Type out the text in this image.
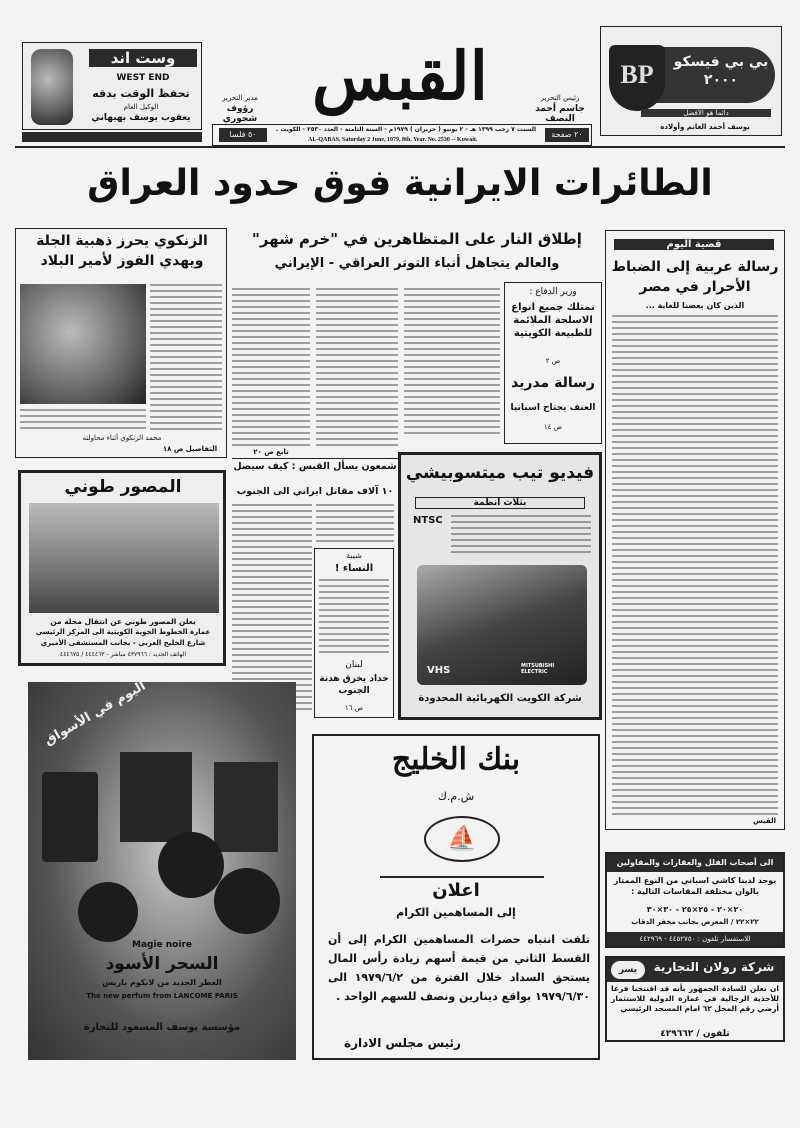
وست اند
WEST END
تحفظ الوقت بدقه
الوكيل العام
يعقوب يوسف بهبهاني
القبس
مدير التحرير
رؤوف شحوري
رئيس التحرير
جاسم أحمد النصف
٥٠ فلسا
السبت ٧ رجب ١٣٩٩ هـ - ٢ يونيو ( حزيران ) ١٩٧٩م - السنة الثامنة - العدد ٢٥٣٠ - الكويت .
AL-QABAS, Saturday 2 June, 1979, 8th. Year. No. 2530 -- Kuwait.
٢٠ صفحة
BP	بي بي فيسكو ٢٠٠٠
دائما هو الأفضل
يوسف أحمد الغانم وأولاده
الطائرات الايرانية فوق حدود العراق
الزنكوي يحرز ذهبية الجلة
ويهدي الفوز لأمير البلاد
محمد الزنكوي أثناء محاولته
التفاصيل ص ١٨
المصور طوني
يعلن المصور طوني عن انتقال محله من
عمارة الخطوط الجوية الكويتية الى المركز الرئيسي
شارع الخليج العربي - بجانب المستشفى الأميري
الهاتف الجديد : ٤٣٧٩٦٦ مباشر - ٤٤٤٤٦٣ / ٤٤٤٦٧٥
إطلاق النار على المتظاهرين في "خرم شهر"
والعالم يتجاهل أنباء التوتر العراقي - الإيراني
تابع ص ٢٠
وزير الدفاع :
نمتلك جميع انواع الاسلحة الملائمة للطبيعة الكويتية
ص ٢
رسالة مدريد
العنف يجتاح اسبانيا
ص ١٤
شمعون يسأل القبس : كيف سيصل
١٠ آلاف مقاتل ايراني الى الجنوب
شيبة
النساء !
لبنان
حداد يخرق هدنة الجنوب
ص ١٦
فيديو تيب ميتسوبيشي
بثلاث انظمة
NTSC
VHS	MITSUBISHI ELECTRIC
شركة الكويت الكهربائية المحدودة
اليوم في الأسواق
Magie noire
السحر الأسود
العطر الجديد من لانكوم باريس
The new perfum from LANCOME PARIS
مؤسسة يوسف المسعود للتجارة
بنك الخليج
ش.م.ك
⛵
اعلان
إلى المساهمين الكرام
تلفت انتباه حضرات المساهمين الكرام إلى أن القسط الثاني من قيمة أسهم زيادة رأس المال يستحق السداد خلال الفترة من ١٩٧٩/٦/٢ الى ١٩٧٩/٦/٣٠ بواقع دينارين ونصف للسهم الواحد .
رئيس مجلس الادارة
قضية اليوم
رسالة عربية إلى الضباط الأحرار في مصر
الذين كان بعضنا للغاية ...
القبس
الى أصحاب الفلل والعقارات والمقاولين
يوجد لدينا كاشي اسباني من النوع الممتاز بالوان مختلفة المقاسات التالية :
٢٠×٢٠ - ٢٥×٢٥ - ٣٠×٣٠
٢٢×٢٢ / المعرض بجانب مخفر الدقاب
للاستفسار تلفون : ٤٤٥٢٧٥٠ - ٤٤٢٩٦٩
يسر	شركة رولان التجارية
ان تعلن للسادة الجمهور بأنه قد افتتحنا فرعا للأحذية الرجالية في عمارة الدولية للاستثمار أرضي رقم المحل ٦٢ امام المسجد الرئيسي
تلفون / ٤٢٩٦٦٢
